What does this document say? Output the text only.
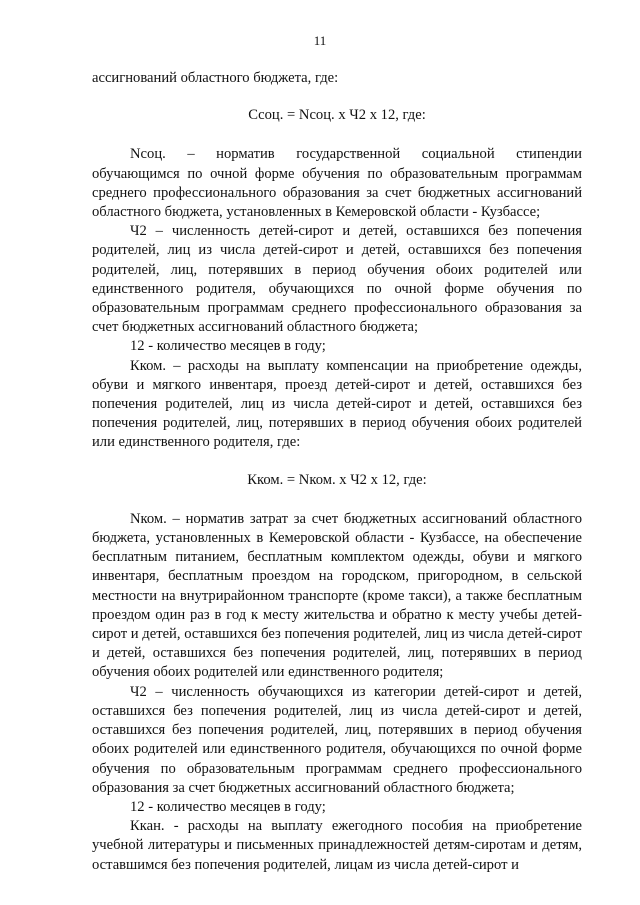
11

ассигнований областного бюджета, где:

Ссоц. = Nсоц. х Ч2 х 12, где:

Nсоц. – норматив государственной социальной стипендии обучающимся по очной форме обучения по образовательным программам среднего профессионального образования за счет бюджетных ассигнований областного бюджета, установленных в Кемеровской области - Кузбассе;

Ч2 – численность детей-сирот и детей, оставшихся без попечения родителей, лиц из числа детей-сирот и детей, оставшихся без попечения родителей, лиц, потерявших в период обучения обоих родителей или единственного родителя, обучающихся по очной форме обучения по образовательным программам среднего профессионального образования за счет бюджетных ассигнований областного бюджета;

12 - количество месяцев в году;

Кком. – расходы на выплату компенсации на приобретение одежды, обуви и мягкого инвентаря, проезд детей-сирот и детей, оставшихся без попечения родителей, лиц из числа детей-сирот и детей, оставшихся без попечения родителей, лиц, потерявших в период обучения обоих родителей или единственного родителя, где:

Кком. = Nком. х Ч2 х 12, где:

Nком. – норматив затрат за счет бюджетных ассигнований областного бюджета, установленных в Кемеровской области - Кузбассе, на обеспечение бесплатным питанием, бесплатным комплектом одежды, обуви и мягкого инвентаря, бесплатным проездом на городском, пригородном, в сельской местности на внутрирайонном транспорте (кроме такси), а также бесплатным проездом один раз в год к месту жительства и обратно к месту учебы детей-сирот и детей, оставшихся без попечения родителей, лиц из числа детей-сирот и детей, оставшихся без попечения родителей, лиц, потерявших в период обучения обоих родителей или единственного родителя;

Ч2 – численность обучающихся из категории детей-сирот и детей, оставшихся без попечения родителей, лиц из числа детей-сирот и детей, оставшихся без попечения родителей, лиц, потерявших в период обучения обоих родителей или единственного родителя, обучающихся по очной форме обучения по образовательным программам среднего профессионального образования за счет бюджетных ассигнований областного бюджета;

12 - количество месяцев в году;

Ккан. - расходы на выплату ежегодного пособия на приобретение учебной литературы и письменных принадлежностей детям-сиротам и детям, оставшимся без попечения родителей, лицам из числа детей-сирот и
